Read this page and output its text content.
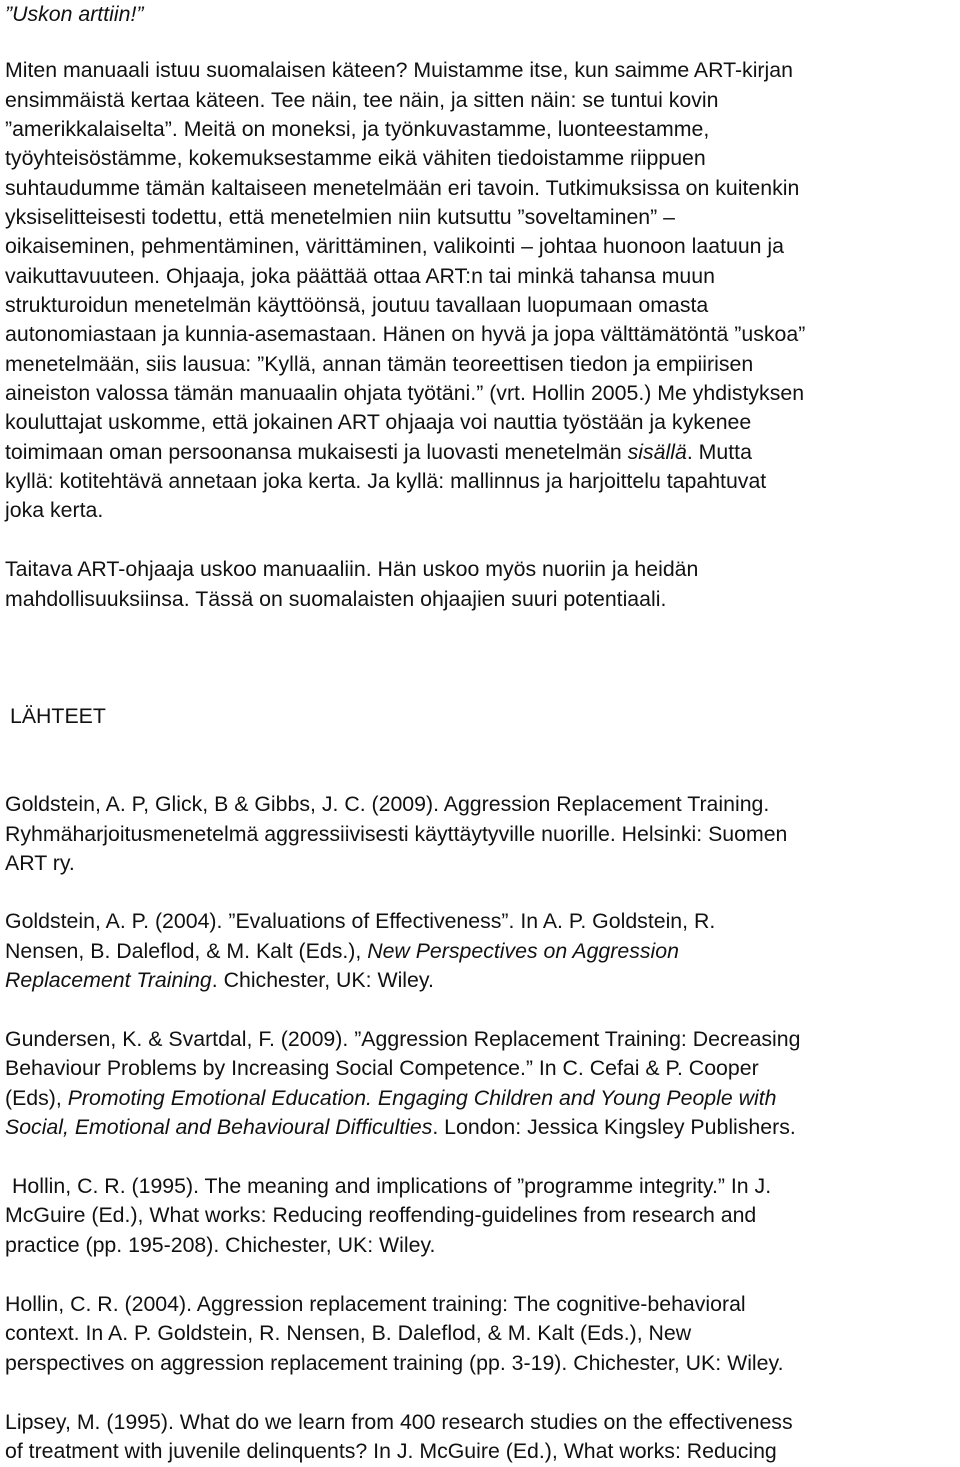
”Uskon arttiin!”

Miten manuaali istuu suomalaisen käteen? Muistamme itse, kun saimme ART-kirjan

ensimmäistä kertaa käteen. Tee näin, tee näin, ja sitten näin: se tuntui kovin

”amerikkalaiselta”. Meitä on moneksi, ja työnkuvastamme, luonteestamme,

työyhteisöstämme, kokemuksestamme eikä vähiten tiedoistamme riippuen

suhtaudumme tämän kaltaiseen menetelmään eri tavoin. Tutkimuksissa on kuitenkin

yksiselitteisesti todettu, että menetelmien niin kutsuttu ”soveltaminen” –

oikaiseminen, pehmentäminen, värittäminen, valikointi – johtaa huonoon laatuun ja

vaikuttavuuteen. Ohjaaja, joka päättää ottaa ART:n tai minkä tahansa muun

strukturoidun menetelmän käyttöönsä, joutuu tavallaan luopumaan omasta

autonomiastaan ja kunnia-asemastaan. Hänen on hyvä ja jopa välttämätöntä ”uskoa”

menetelmään, siis lausua: ”Kyllä, annan tämän teoreettisen tiedon ja empiirisen

aineiston valossa tämän manuaalin ohjata työtäni.” (vrt. Hollin 2005.) Me yhdistyksen

kouluttajat uskomme, että jokainen ART ohjaaja voi nauttia työstään ja kykenee

toimimaan oman persoonansa mukaisesti ja luovasti menetelmän sisällä. Mutta

kyllä: kotitehtävä annetaan joka kerta. Ja kyllä: mallinnus ja harjoittelu tapahtuvat

joka kerta.

Taitava ART-ohjaaja uskoo manuaaliin. Hän uskoo myös nuoriin ja heidän

mahdollisuuksiinsa. Tässä on suomalaisten ohjaajien suuri potentiaali.

LÄHTEET

Goldstein, A. P, Glick, B & Gibbs, J. C. (2009). Aggression Replacement Training.

Ryhmäharjoitusmenetelmä aggressiivisesti käyttäytyville nuorille. Helsinki: Suomen

ART ry.

Goldstein, A. P. (2004). ”Evaluations of Effectiveness”. In A. P. Goldstein, R.

Nensen, B. Daleflod, & M. Kalt (Eds.), New Perspectives on Aggression

Replacement Training. Chichester, UK: Wiley.

Gundersen, K. & Svartdal, F. (2009). ”Aggression Replacement Training: Decreasing

Behaviour Problems by Increasing Social Competence.” In C. Cefai & P. Cooper

(Eds), Promoting Emotional Education. Engaging Children and Young People with

Social, Emotional and Behavioural Difficulties. London: Jessica Kingsley Publishers.

Hollin, C. R. (1995). The meaning and implications of ”programme integrity.” In J.

McGuire (Ed.), What works: Reducing reoffending-guidelines from research and

practice (pp. 195-208). Chichester, UK: Wiley.

Hollin, C. R. (2004). Aggression replacement training: The cognitive-behavioral

context. In A. P. Goldstein, R. Nensen, B. Daleflod, & M. Kalt (Eds.), New

perspectives on aggression replacement training (pp. 3-19). Chichester, UK: Wiley.

Lipsey, M. (1995). What do we learn from 400 research studies on the effectiveness

of treatment with juvenile delinquents? In J. McGuire (Ed.), What works: Reducing
